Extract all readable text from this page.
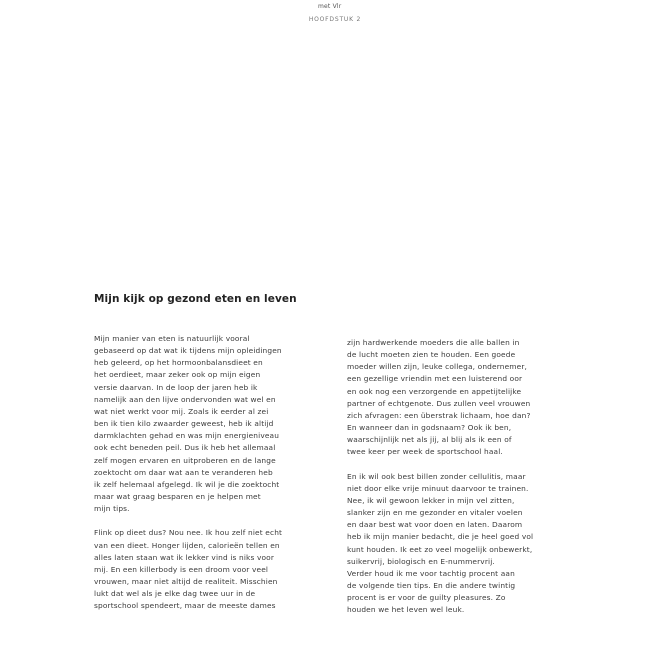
met Vlr
HOOFDSTUK 2
Mijn kijk op gezond eten en leven
Mijn manier van eten is natuurlijk vooral
gebaseerd op dat wat ik tijdens mijn opleidingen
heb geleerd, op het hormoonbalansdieet en
het oerdieet, maar zeker ook op mijn eigen
versie daarvan. In de loop der jaren heb ik
namelijk aan den lijve ondervonden wat wel en
wat niet werkt voor mij. Zoals ik eerder al zei
ben ik tien kilo zwaarder geweest, heb ik altijd
darmklachten gehad en was mijn energieniveau
ook echt beneden peil. Dus ik heb het allemaal
zelf mogen ervaren en uitproberen en de lange
zoektocht om daar wat aan te veranderen heb
ik zelf helemaal afgelegd. Ik wil je die zoektocht
maar wat graag besparen en je helpen met
mijn tips.
Flink op dieet dus? Nou nee. Ik hou zelf niet echt
van een dieet. Honger lijden, calorieën tellen en
alles laten staan wat ik lekker vind is niks voor
mij. En een killerbody is een droom voor veel
vrouwen, maar niet altijd de realiteit. Misschien
lukt dat wel als je elke dag twee uur in de
sportschool spendeert, maar de meeste dames
zijn hardwerkende moeders die alle ballen in
de lucht moeten zien te houden. Een goede
moeder willen zijn, leuke collega, ondernemer,
een gezellige vriendin met een luisterend oor
en ook nog een verzorgende en appetijtelijke
partner of echtgenote. Dus zullen veel vrouwen
zich afvragen: een überstrak lichaam, hoe dan?
En wanneer dan in godsnaam? Ook ik ben,
waarschijnlijk net als jij, al blij als ik een of
twee keer per week de sportschool haal.
En ik wil ook best billen zonder cellulitis, maar
niet door elke vrije minuut daarvoor te trainen.
Nee, ik wil gewoon lekker in mijn vel zitten,
slanker zijn en me gezonder en vitaler voelen
en daar best wat voor doen en laten. Daarom
heb ik mijn manier bedacht, die je heel goed vol
kunt houden. Ik eet zo veel mogelijk onbewerkt,
suikervrij, biologisch en E-nummervrij.
Verder houd ik me voor tachtig procent aan
de volgende tien tips. En die andere twintig
procent is er voor de guilty pleasures. Zo
houden we het leven wel leuk.
